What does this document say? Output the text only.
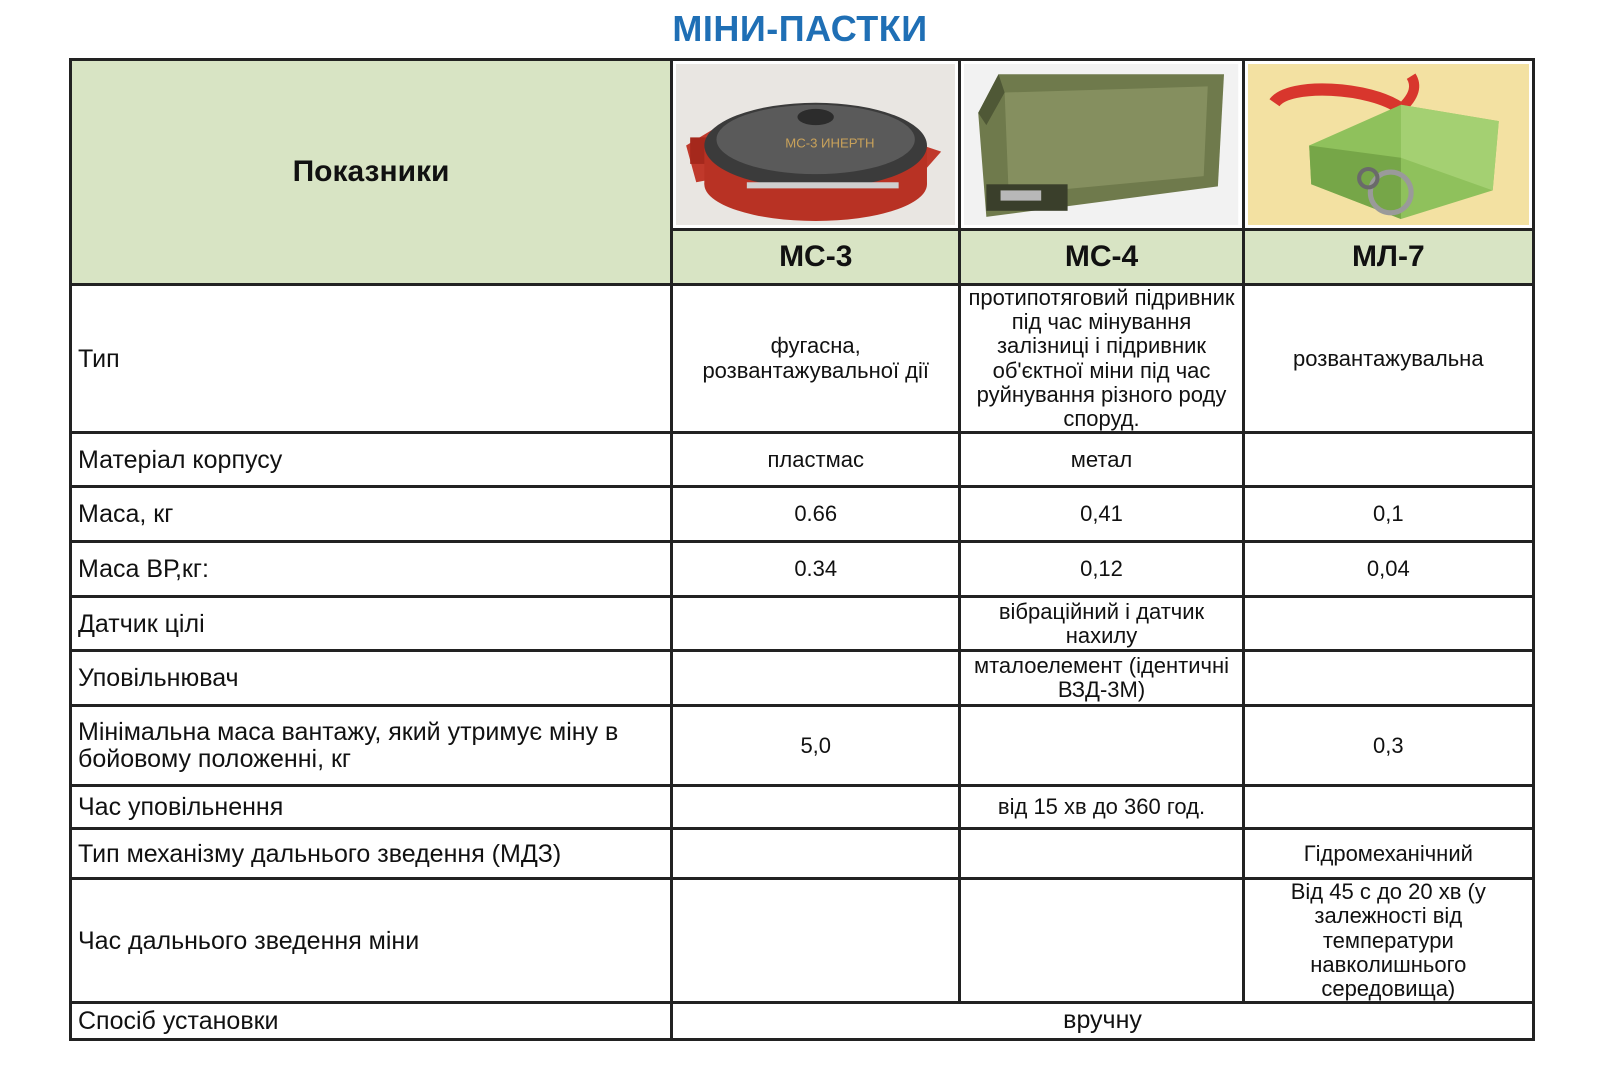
МІНИ-ПАСТКИ
Показники	МС-3 ИНЕРТН

	МС-3	МС-4	МЛ-7
Тип	фугасна, розвантажувальної дії	протипотяговий підривник під час мінування залізниці і підривник об'єктної міни під час руйнування різного роду споруд.	розвантажувальна
Матеріал корпусу	пластмас	метал	
Маса, кг	0.66	0,41	0,1
Маса ВР,кг:	0.34	0,12	0,04
Датчик цілі		вібраційний і датчик нахилу	
Уповільнювач		мталоелемент (ідентичні ВЗД-3М)	
Мінімальна маса вантажу, який утримує міну в бойовому положенні, кг	5,0		0,3
Час уповільнення		від 15 хв до 360 год.	
Тип механізму дальнього зведення (МДЗ)			Гідромеханічний
Час дальнього зведення міни			Від 45 с до 20 хв (у залежності від температури навколишнього середовища)
Спосіб установки	вручну		
